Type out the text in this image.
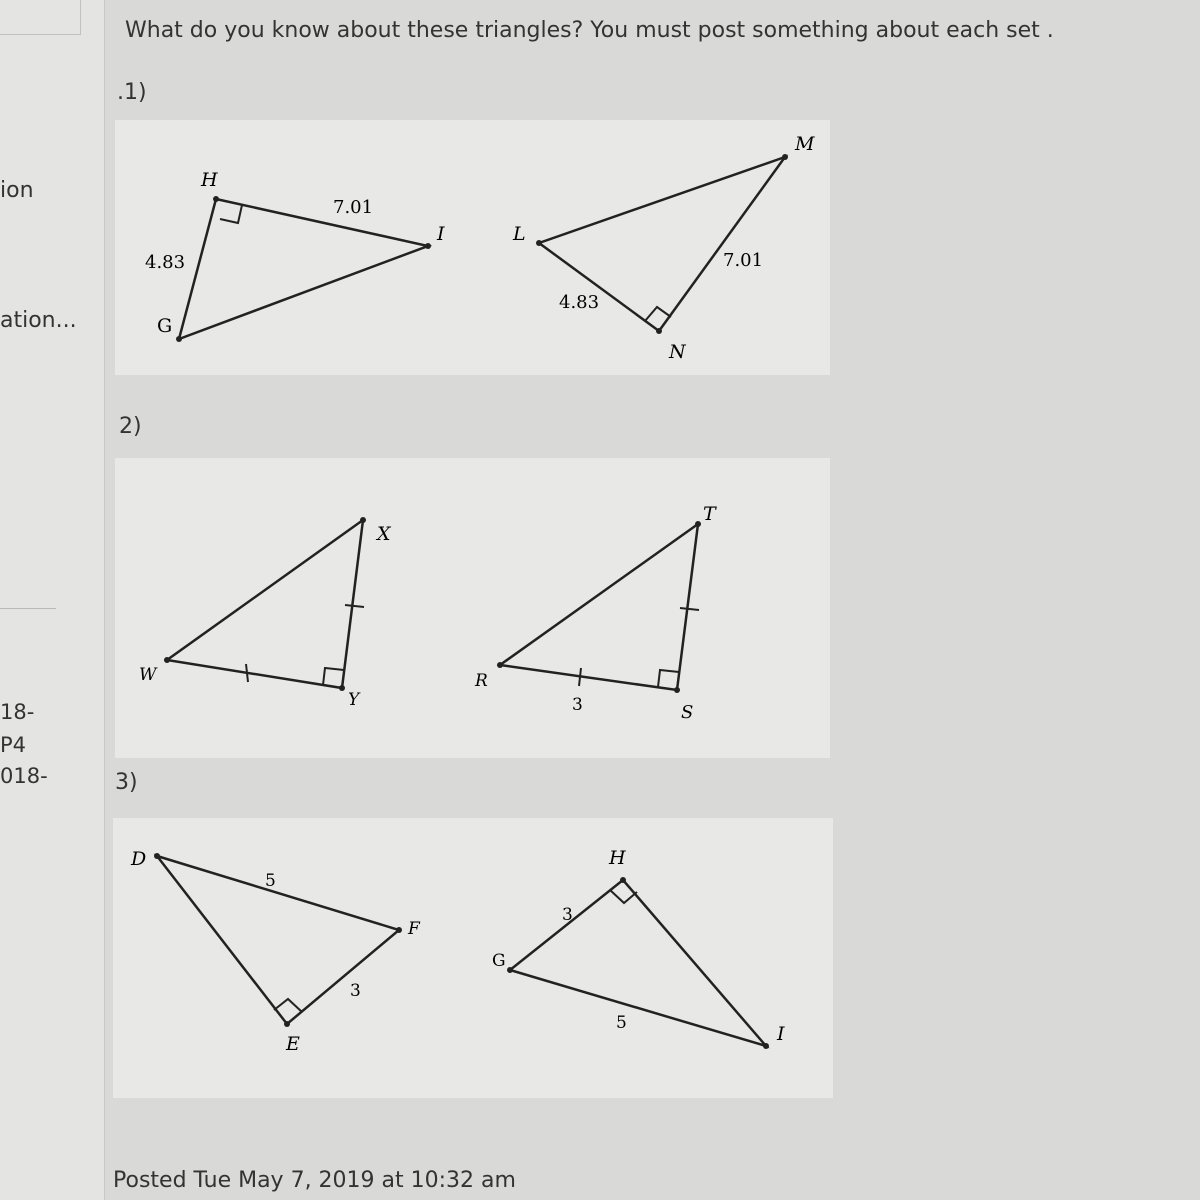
ion
ation...
18-
P4
018-
What do you know about these triangles? You must post something about each set .
.1)
H
I
G
7.01
4.83
M
L
N
7.01
4.83
2)
X
W
Y
T
R
S
3
3)
D
F
E
5
3
H
G
I
3
5
Posted Tue May 7, 2019 at 10:32 am
